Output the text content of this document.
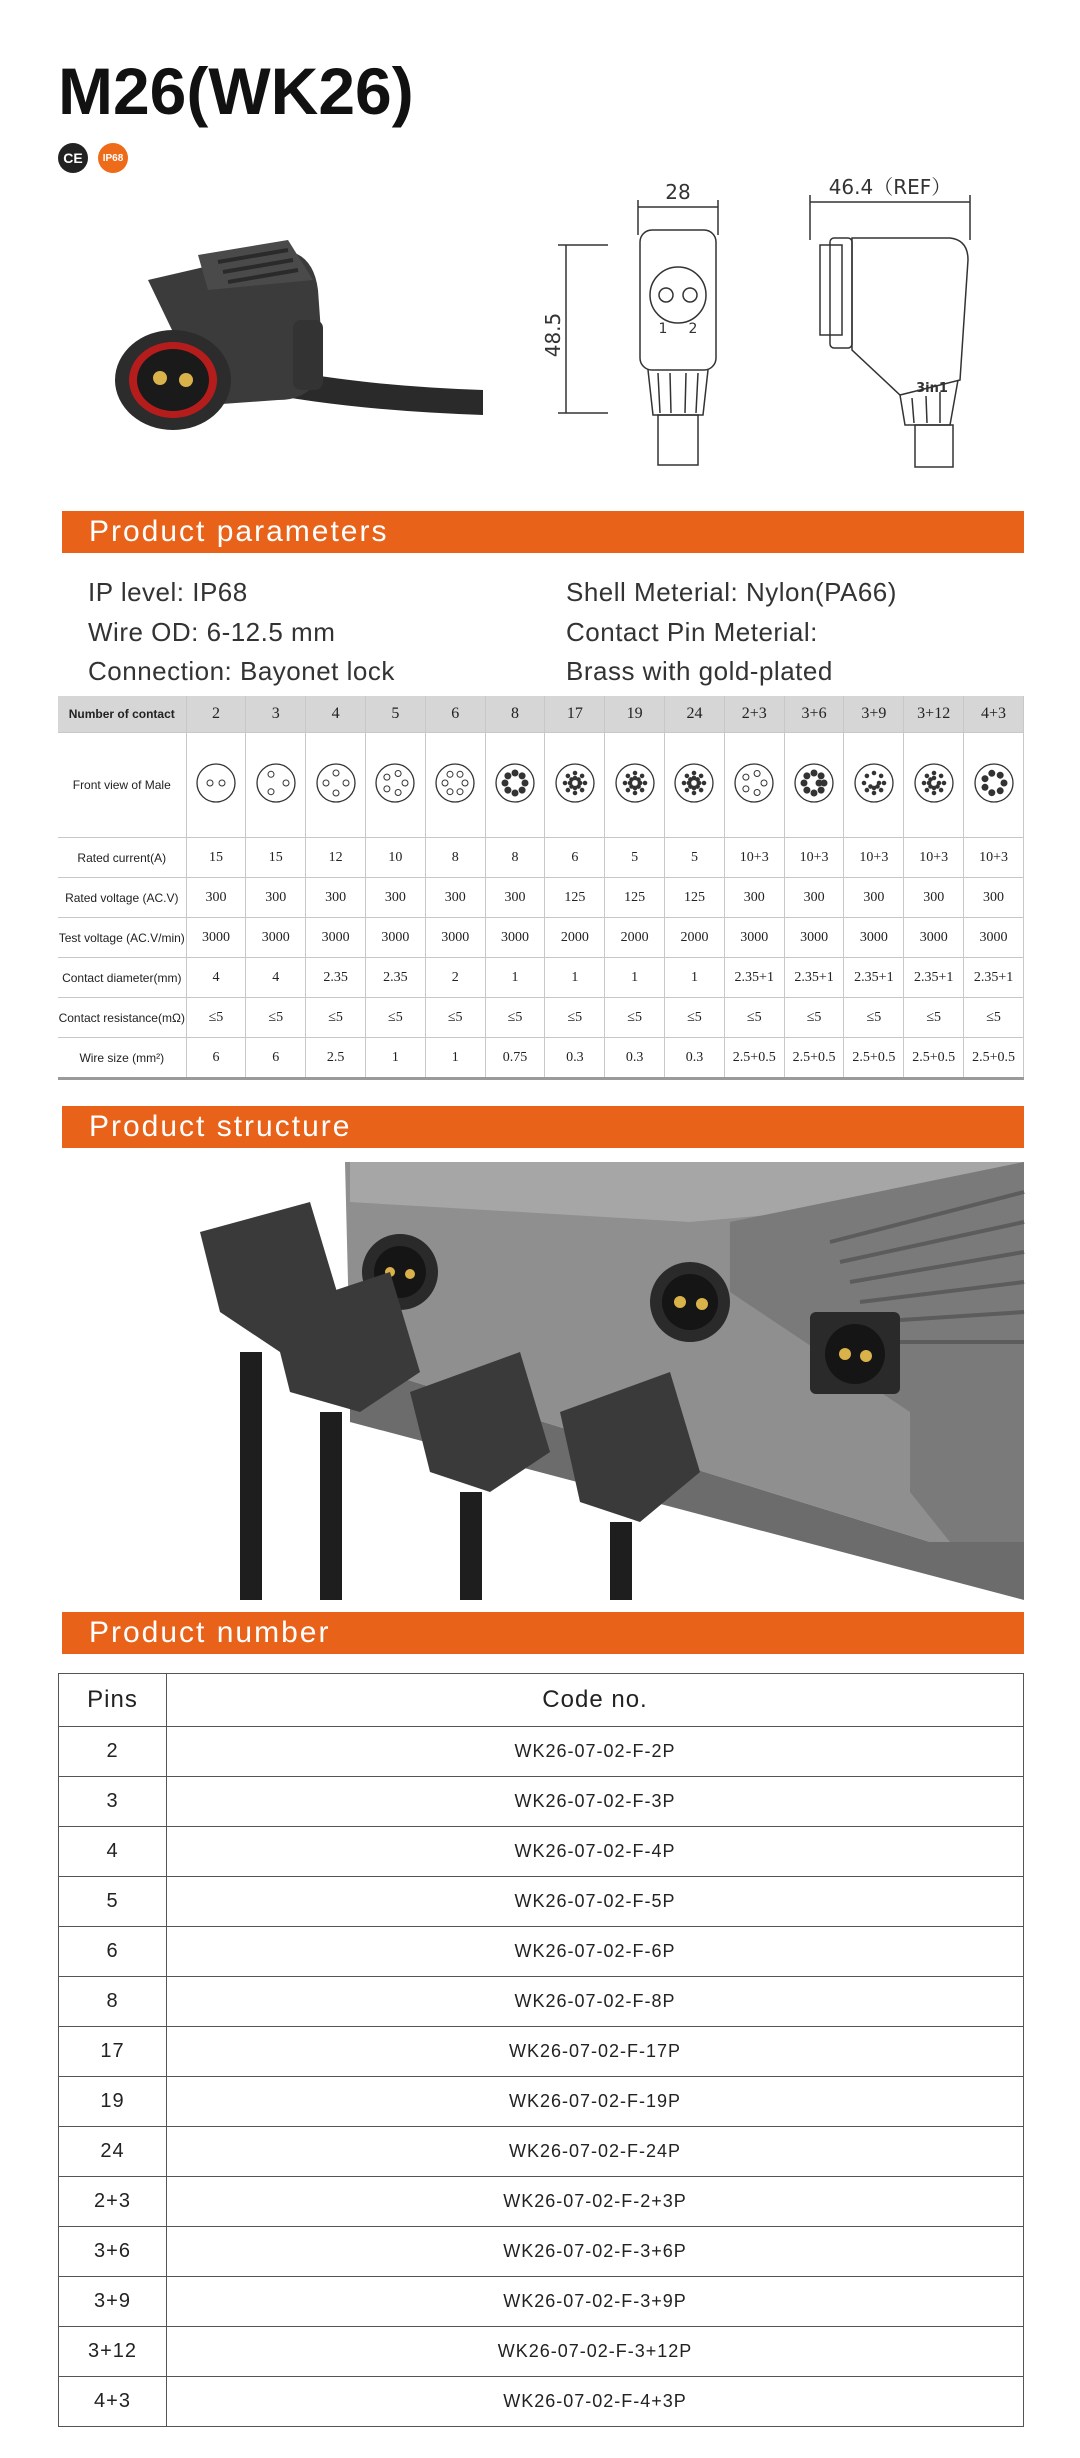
M26(WK26)
CE	IP68
28
48.5	1 2
46.4（REF）
3in1
Product parameters
IP level: IP68
Wire OD: 6-12.5 mm
Connection: Bayonet lock
Shell Meterial: Nylon(PA66)
Contact Pin Meterial:
Brass with gold-plated
Number of contact	2	3	4	5	6	8	17	19	24	2+3	3+6	3+9	3+12	4+3
Front view of Male														
Rated current(A)	15	15	12	10	8	8	6	5	5	10+3	10+3	10+3	10+3	10+3
Rated voltage (AC.V)	300	300	300	300	300	300	125	125	125	300	300	300	300	300
Test voltage (AC.V/min)	3000	3000	3000	3000	3000	3000	2000	2000	2000	3000	3000	3000	3000	3000
Contact diameter(mm)	4	4	2.35	2.35	2	1	1	1	1	2.35+1	2.35+1	2.35+1	2.35+1	2.35+1
Contact resistance(mΩ)	≤5	≤5	≤5	≤5	≤5	≤5	≤5	≤5	≤5	≤5	≤5	≤5	≤5	≤5
Wire size (mm²)	6	6	2.5	1	1	0.75	0.3	0.3	0.3	2.5+0.5	2.5+0.5	2.5+0.5	2.5+0.5	2.5+0.5
Product structure
Product number
Pins	Code no.
2	WK26-07-02-F-2P
3	WK26-07-02-F-3P
4	WK26-07-02-F-4P
5	WK26-07-02-F-5P
6	WK26-07-02-F-6P
8	WK26-07-02-F-8P
17	WK26-07-02-F-17P
19	WK26-07-02-F-19P
24	WK26-07-02-F-24P
2+3	WK26-07-02-F-2+3P
3+6	WK26-07-02-F-3+6P
3+9	WK26-07-02-F-3+9P
3+12	WK26-07-02-F-3+12P
4+3	WK26-07-02-F-4+3P
